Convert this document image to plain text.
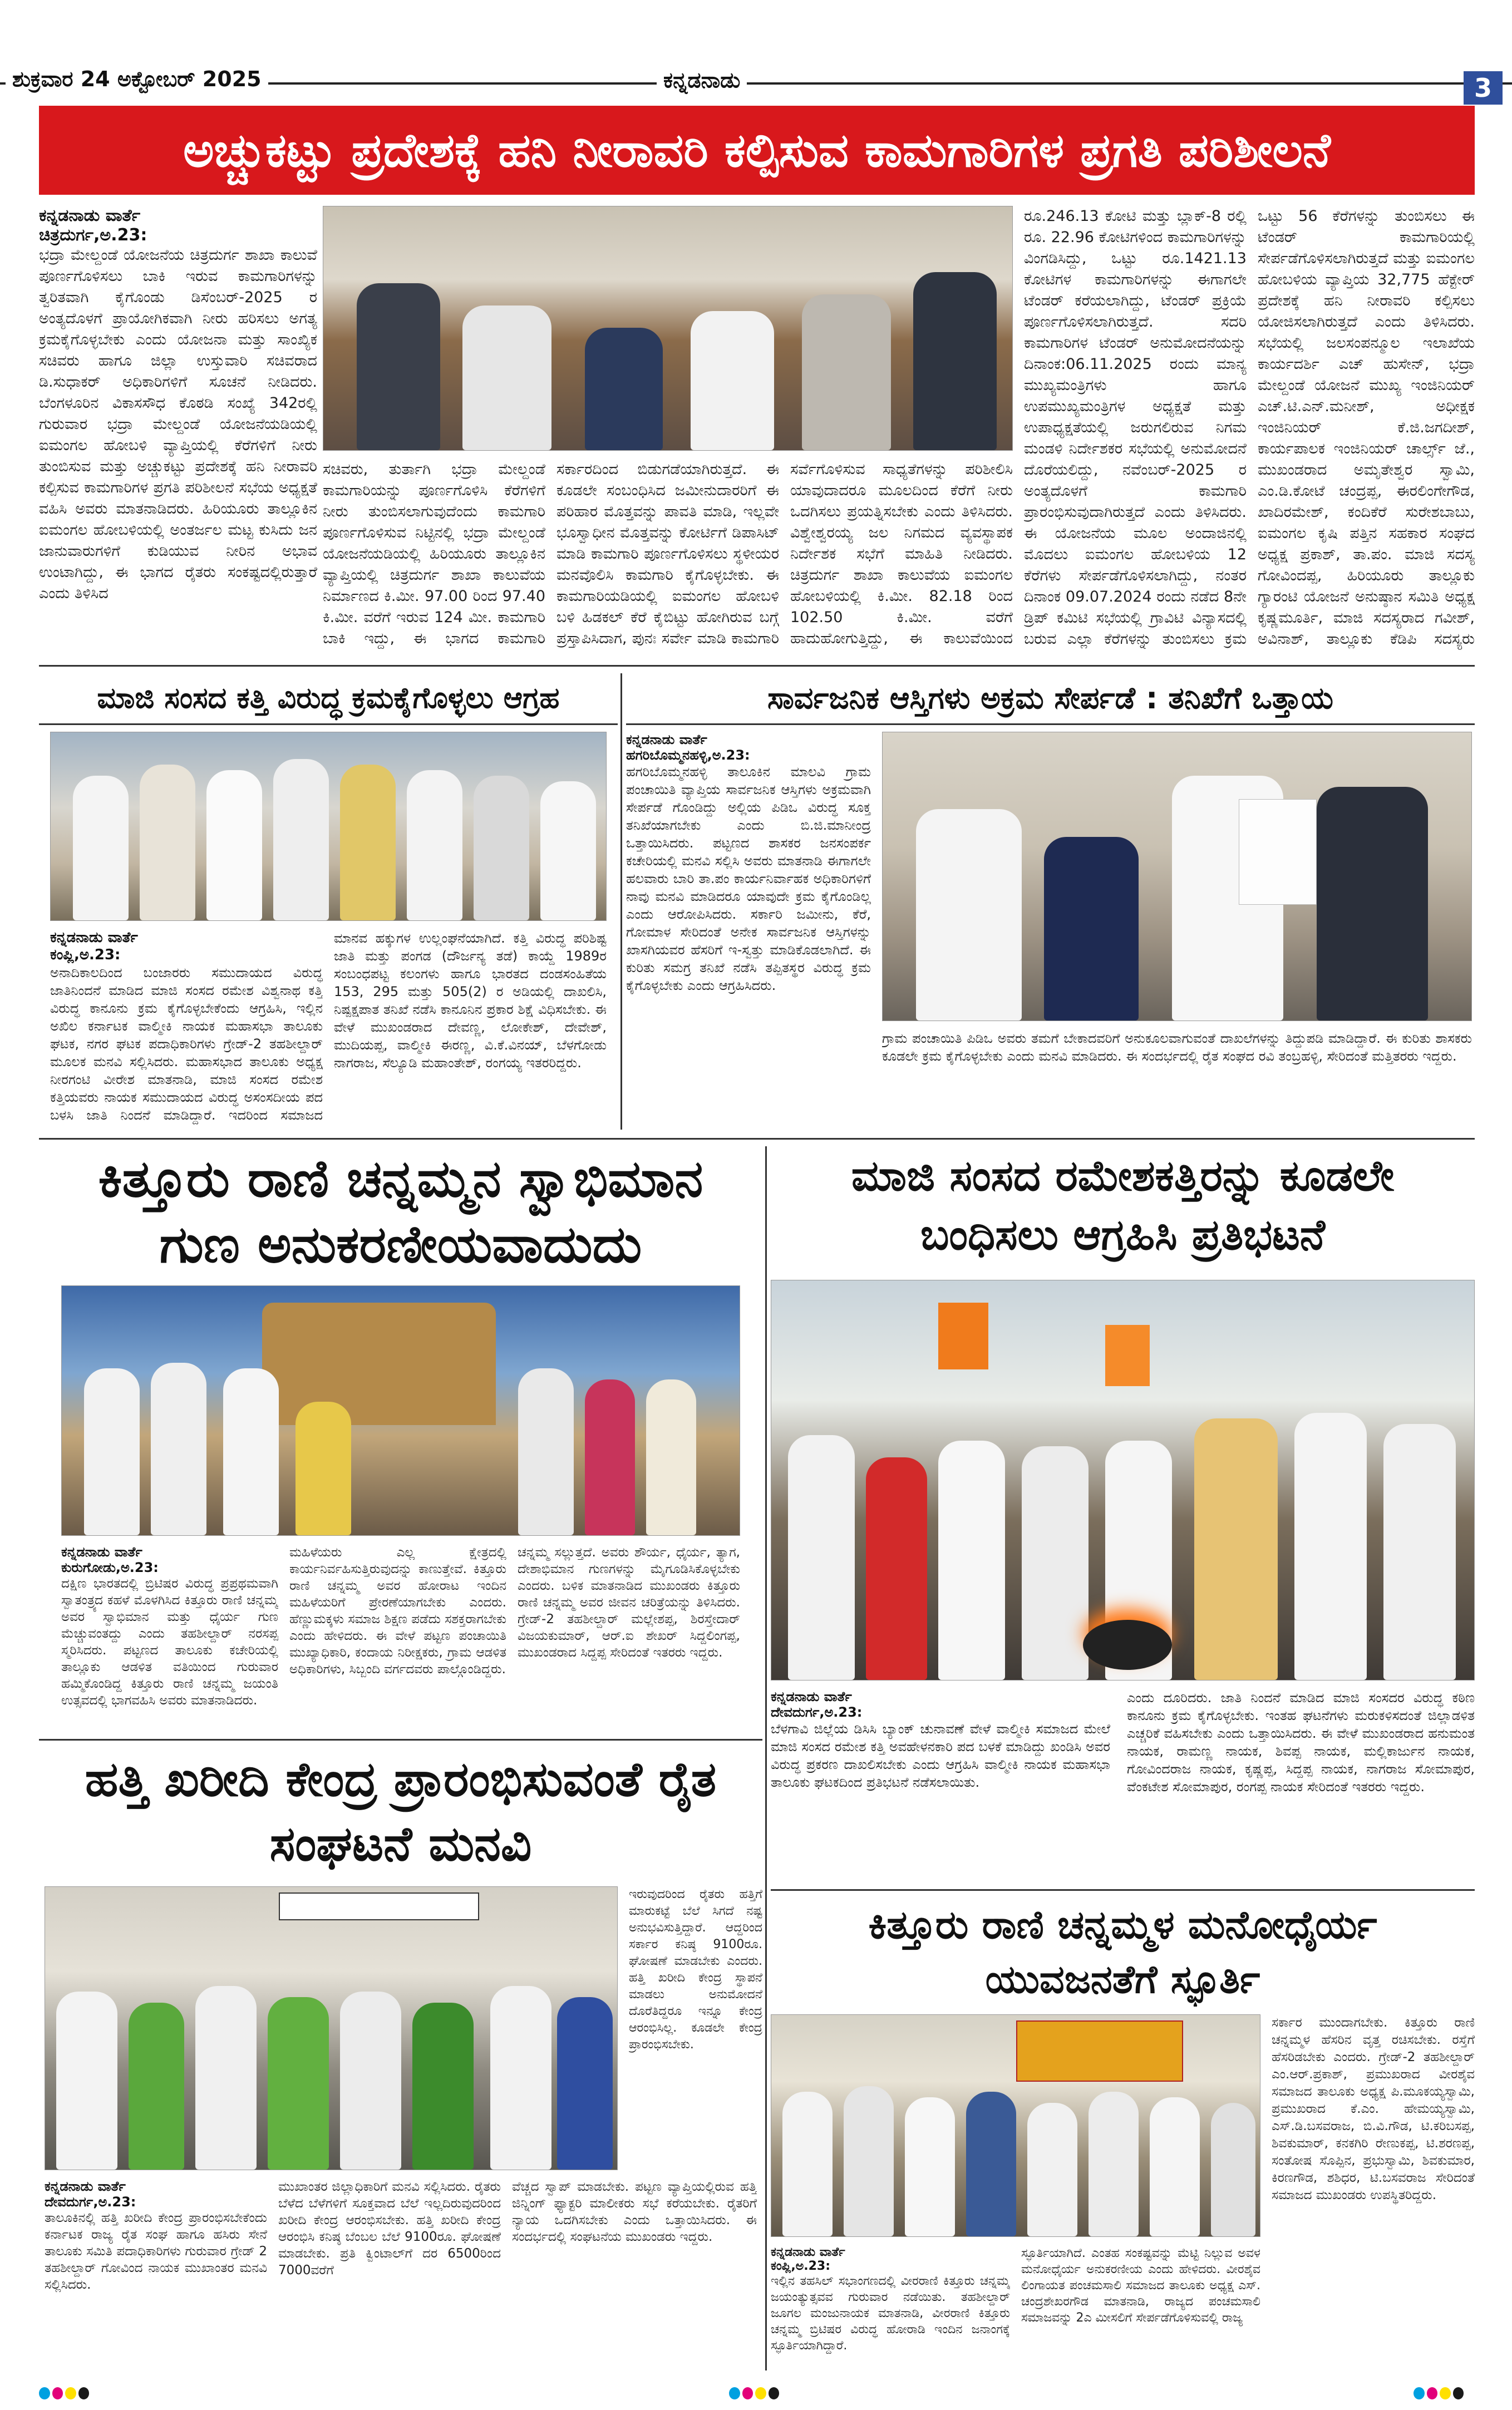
ಶುಕ್ರವಾರ 24 ಅಕ್ಟೋಬರ್ 2025	ಕನ್ನಡನಾಡು	3
ಅಚ್ಚುಕಟ್ಟು ಪ್ರದೇಶಕ್ಕೆ ಹನಿ ನೀರಾವರಿ ಕಲ್ಪಿಸುವ ಕಾಮಗಾರಿಗಳ ಪ್ರಗತಿ ಪರಿಶೀಲನೆ
ಕನ್ನಡನಾಡು ವಾರ್ತೆ
ಚಿತ್ರದುರ್ಗ,ಅ.23:
ಭದ್ರಾ ಮೇಲ್ದಂಡೆ ಯೋಜನೆಯ ಚಿತ್ರದುರ್ಗ ಶಾಖಾ ಕಾಲುವೆ ಪೂರ್ಣಗೊಳಿಸಲು ಬಾಕಿ ಇರುವ ಕಾಮಗಾರಿಗಳನ್ನು ತ್ವರಿತವಾಗಿ ಕೈಗೊಂಡು ಡಿಸೆಂಬರ್-2025 ರ ಅಂತ್ಯದೊಳಗೆ ಪ್ರಾಯೋಗಿಕವಾಗಿ ನೀರು ಹರಿಸಲು ಅಗತ್ಯ ಕ್ರಮಕೈಗೊಳ್ಳಬೇಕು ಎಂದು ಯೋಜನಾ ಮತ್ತು ಸಾಂಖ್ಯಿಕ ಸಚಿವರು ಹಾಗೂ ಜಿಲ್ಲಾ ಉಸ್ತುವಾರಿ ಸಚಿವರಾದ ಡಿ.ಸುಧಾಕರ್ ಅಧಿಕಾರಿಗಳಿಗೆ ಸೂಚನೆ ನೀಡಿದರು. ಬೆಂಗಳೂರಿನ ವಿಕಾಸಸೌಧ ಕೊಠಡಿ ಸಂಖ್ಯೆ 342ರಲ್ಲಿ ಗುರುವಾರ ಭದ್ರಾ ಮೇಲ್ದಂಡೆ ಯೋಜನೆಯಡಿಯಲ್ಲಿ ಐಮಂಗಲ ಹೋಬಳಿ ವ್ಯಾಪ್ತಿಯಲ್ಲಿ ಕೆರೆಗಳಿಗೆ ನೀರು ತುಂಬಿಸುವ ಮತ್ತು ಅಚ್ಚುಕಟ್ಟು ಪ್ರದೇಶಕ್ಕೆ ಹನಿ ನೀರಾವರಿ ಕಲ್ಪಿಸುವ ಕಾಮಗಾರಿಗಳ ಪ್ರಗತಿ ಪರಿಶೀಲನೆ ಸಭೆಯ ಅಧ್ಯಕ್ಷತೆ ವಹಿಸಿ ಅವರು ಮಾತನಾಡಿದರು. ಹಿರಿಯೂರು ತಾಲ್ಲೂಕಿನ ಐಮಂಗಲ ಹೋಬಳಿಯಲ್ಲಿ ಅಂತರ್ಜಲ ಮಟ್ಟ ಕುಸಿದು ಜನ ಜಾನುವಾರುಗಳಿಗೆ ಕುಡಿಯುವ ನೀರಿನ ಅಭಾವ ಉಂಟಾಗಿದ್ದು, ಈ ಭಾಗದ ರೈತರು ಸಂಕಷ್ಟದಲ್ಲಿರುತ್ತಾರೆ ಎಂದು ತಿಳಿಸಿದ
ಸಚಿವರು, ತುರ್ತಾಗಿ ಭದ್ರಾ ಮೇಲ್ದಂಡೆ ಕಾಮಗಾರಿಯನ್ನು ಪೂರ್ಣಗೊಳಿಸಿ ಕೆರೆಗಳಿಗೆ ನೀರು ತುಂಬಿಸಲಾಗುವುದೆಂದು ಕಾಮಗಾರಿ ಪೂರ್ಣಗೊಳಿಸುವ ನಿಟ್ಟಿನಲ್ಲಿ ಭದ್ರಾ ಮೇಲ್ದಂಡೆ ಯೋಜನೆಯಡಿಯಲ್ಲಿ ಹಿರಿಯೂರು ತಾಲ್ಲೂಕಿನ ವ್ಯಾಪ್ತಿಯಲ್ಲಿ ಚಿತ್ರದುರ್ಗ ಶಾಖಾ ಕಾಲುವೆಯ ನಿರ್ಮಾಣದ ಕಿ.ಮೀ. 97.00 ರಿಂದ 97.40 ಕಿ.ಮೀ. ವರೆಗೆ ಇರುವ 124 ಮೀ. ಕಾಮಗಾರಿ ಬಾಕಿ ಇದ್ದು, ಈ ಭಾಗದ ಕಾಮಗಾರಿ
ಸರ್ಕಾರದಿಂದ ಬಿಡುಗಡೆಯಾಗಿರುತ್ತದೆ. ಈ ಕೂಡಲೇ ಸಂಬಂಧಿಸಿದ ಜಮೀನುದಾರರಿಗೆ ಈ ಪರಿಹಾರ ಮೊತ್ತವನ್ನು ಪಾವತಿ ಮಾಡಿ, ಇಲ್ಲವೇ ಭೂಸ್ವಾಧೀನ ಮೊತ್ತವನ್ನು ಕೋರ್ಟಿಗೆ ಡಿಪಾಸಿಟ್ ಮಾಡಿ ಕಾಮಗಾರಿ ಪೂರ್ಣಗೊಳಿಸಲು ಸ್ಥಳೀಯರ ಮನವೊಲಿಸಿ ಕಾಮಗಾರಿ ಕೈಗೊಳ್ಳಬೇಕು. ಈ ಕಾಮಗಾರಿಯಡಿಯಲ್ಲಿ ಐಮಂಗಲ ಹೋಬಳಿ ಬಳಿ ಹಿಡಕಲ್ ಕೆರೆ ಕೈಬಿಟ್ಟು ಹೋಗಿರುವ ಬಗ್ಗೆ ಪ್ರಸ್ತಾಪಿಸಿದಾಗ, ಪುನಃ ಸರ್ವೇ ಮಾಡಿ ಕಾಮಗಾರಿ
ಸರ್ವೆಗೊಳಿಸುವ ಸಾಧ್ಯತೆಗಳನ್ನು ಪರಿಶೀಲಿಸಿ ಯಾವುದಾದರೂ ಮೂಲದಿಂದ ಕೆರೆಗೆ ನೀರು ಒದಗಿಸಲು ಪ್ರಯತ್ನಿಸಬೇಕು ಎಂದು ತಿಳಿಸಿದರು. ವಿಶ್ವೇಶ್ವರಯ್ಯ ಜಲ ನಿಗಮದ ವ್ಯವಸ್ಥಾಪಕ ನಿರ್ದೇಶಕ ಸಭೆಗೆ ಮಾಹಿತಿ ನೀಡಿದರು. ಚಿತ್ರದುರ್ಗ ಶಾಖಾ ಕಾಲುವೆಯ ಐಮಂಗಲ ಹೋಬಳಿಯಲ್ಲಿ ಕಿ.ಮೀ. 82.18 ರಿಂದ 102.50 ಕಿ.ಮೀ. ವರೆಗೆ ಹಾದುಹೋಗುತ್ತಿದ್ದು, ಈ ಕಾಲುವೆಯಿಂದ
ರೂ.246.13 ಕೋಟಿ ಮತ್ತು ಬ್ಲಾಕ್-8 ರಲ್ಲಿ ರೂ. 22.96 ಕೋಟಿಗಳಿಂದ ಕಾಮಗಾರಿಗಳನ್ನು ವಿಂಗಡಿಸಿದ್ದು, ಒಟ್ಟು ರೂ.1421.13 ಕೋಟಿಗಳ ಕಾಮಗಾರಿಗಳನ್ನು ಈಗಾಗಲೇ ಟೆಂಡರ್ ಕರೆಯಲಾಗಿದ್ದು, ಟೆಂಡರ್ ಪ್ರಕ್ರಿಯೆ ಪೂರ್ಣಗೊಳಿಸಲಾಗಿರುತ್ತದೆ. ಸದರಿ ಕಾಮಗಾರಿಗಳ ಟೆಂಡರ್ ಅನುಮೋದನೆಯನ್ನು ದಿನಾಂಕ:06.11.2025 ರಂದು ಮಾನ್ಯ ಮುಖ್ಯಮಂತ್ರಿಗಳು ಹಾಗೂ ಉಪಮುಖ್ಯಮಂತ್ರಿಗಳ ಅಧ್ಯಕ್ಷತೆ ಮತ್ತು ಉಪಾಧ್ಯಕ್ಷತೆಯಲ್ಲಿ ಜರುಗಲಿರುವ ನಿಗಮ ಮಂಡಳಿ ನಿರ್ದೇಶಕರ ಸಭೆಯಲ್ಲಿ ಅನುಮೋದನೆ ದೊರೆಯಲಿದ್ದು, ನವೆಂಬರ್-2025 ರ ಅಂತ್ಯದೊಳಗೆ ಕಾಮಗಾರಿ ಪ್ರಾರಂಭಿಸುವುದಾಗಿರುತ್ತದೆ ಎಂದು ತಿಳಿಸಿದರು. ಈ ಯೋಜನೆಯ ಮೂಲ ಅಂದಾಜಿನಲ್ಲಿ ಮೊದಲು ಐಮಂಗಲ ಹೋಬಳಿಯ 12 ಕೆರೆಗಳು ಸೇರ್ಪಡೆಗೊಳಿಸಲಾಗಿದ್ದು, ನಂತರ ದಿನಾಂಕ 09.07.2024 ರಂದು ನಡೆದ 8ನೇ ಡ್ರಿಪ್ ಕಮಿಟಿ ಸಭೆಯಲ್ಲಿ ಗ್ರಾವಿಟಿ ವಿನ್ಯಾಸದಲ್ಲಿ ಬರುವ ಎಲ್ಲಾ ಕೆರೆಗಳನ್ನು ತುಂಬಿಸಲು ಕ್ರಮ
ಒಟ್ಟು 56 ಕೆರೆಗಳನ್ನು ತುಂಬಿಸಲು ಈ ಟೆಂಡರ್ ಕಾಮಗಾರಿಯಲ್ಲಿ ಸೇರ್ಪಡೆಗೊಳಿಸಲಾಗಿರುತ್ತದೆ ಮತ್ತು ಐಮಂಗಲ ಹೋಬಳಿಯ ವ್ಯಾಪ್ತಿಯ 32,775 ಹೆಕ್ಟೇರ್ ಪ್ರದೇಶಕ್ಕೆ ಹನಿ ನೀರಾವರಿ ಕಲ್ಪಿಸಲು ಯೋಜಿಸಲಾಗಿರುತ್ತದೆ ಎಂದು ತಿಳಿಸಿದರು. ಸಭೆಯಲ್ಲಿ ಜಲಸಂಪನ್ಮೂಲ ಇಲಾಖೆಯ ಕಾರ್ಯದರ್ಶಿ ಎಚ್ ಹುಸೇನ್, ಭದ್ರಾ ಮೇಲ್ದಂಡೆ ಯೋಜನೆ ಮುಖ್ಯ ಇಂಜಿನಿಯರ್ ಎಚ್.ಟಿ.ಎನ್.ಮನೀಶ್, ಅಧೀಕ್ಷಕ ಇಂಜಿನಿಯರ್ ಕೆ.ಜಿ.ಜಗದೀಶ್, ಕಾರ್ಯಪಾಲಕ ಇಂಜಿನಿಯರ್ ಚಾರ್ಲ್ಸ್ ಜೆ., ಮುಖಂಡರಾದ ಅಮೃತೇಶ್ವರ ಸ್ವಾಮಿ, ಎಂ.ಡಿ.ಕೋಟೆ ಚಂದ್ರಪ್ಪ, ಈರಲಿಂಗೇಗೌಡ, ಖಾದಿರಮೇಶ್, ಕಂದಿಕೆರೆ ಸುರೇಶಬಾಬು, ಐಮಂಗಲ ಕೃಷಿ ಪತ್ತಿನ ಸಹಕಾರ ಸಂಘದ ಅಧ್ಯಕ್ಷ ಪ್ರಕಾಶ್, ತಾ.ಪಂ. ಮಾಜಿ ಸದಸ್ಯ ಗೋವಿಂದಪ್ಪ, ಹಿರಿಯೂರು ತಾಲ್ಲೂಕು ಗ್ಯಾರಂಟಿ ಯೋಜನೆ ಅನುಷ್ಠಾನ ಸಮಿತಿ ಅಧ್ಯಕ್ಷ ಕೃಷ್ಣಮೂರ್ತಿ, ಮಾಜಿ ಸದಸ್ಯರಾದ ಗವೀಶ್, ಅವಿನಾಶ್, ತಾಲ್ಲೂಕು ಕೆಡಿಪಿ ಸದಸ್ಯರು
ಮಾಜಿ ಸಂಸದ ಕತ್ತಿ ವಿರುದ್ಧ ಕ್ರಮಕೈಗೊಳ್ಳಲು ಆಗ್ರಹ
ಕನ್ನಡನಾಡು ವಾರ್ತೆ
ಕಂಪ್ಲಿ,ಅ.23:
ಅನಾದಿಕಾಲದಿಂದ ಬಂಜಾರರು ಸಮುದಾಯದ ವಿರುದ್ಧ ಜಾತಿನಿಂದನೆ ಮಾಡಿದ ಮಾಜಿ ಸಂಸದ ರಮೇಶ ವಿಶ್ವನಾಥ ಕತ್ತಿ ವಿರುದ್ಧ ಕಾನೂನು ಕ್ರಮ ಕೈಗೊಳ್ಳಬೇಕೆಂದು ಆಗ್ರಹಿಸಿ, ಇಲ್ಲಿನ ಅಖಿಲ ಕರ್ನಾಟಕ ವಾಲ್ಮೀಕಿ ನಾಯಕ ಮಹಾಸಭಾ ತಾಲೂಕು ಘಟಕ, ನಗರ ಘಟಕ ಪದಾಧಿಕಾರಿಗಳು ಗ್ರೇಡ್-2 ತಹಶೀಲ್ದಾರ್ ಮೂಲಕ ಮನವಿ ಸಲ್ಲಿಸಿದರು. ಮಹಾಸಭಾದ ತಾಲೂಕು ಅಧ್ಯಕ್ಷ ನೀರಗಂಟಿ ವೀರೇಶ ಮಾತನಾಡಿ, ಮಾಜಿ ಸಂಸದ ರಮೇಶ ಕತ್ತಿಯವರು ನಾಯಕ ಸಮುದಾಯದ ವಿರುದ್ಧ ಅಸಂಸದೀಯ ಪದ ಬಳಸಿ ಜಾತಿ ನಿಂದನೆ ಮಾಡಿದ್ದಾರೆ. ಇದರಿಂದ ಸಮಾಜದ
ಮಾನವ ಹಕ್ಕುಗಳ ಉಲ್ಲಂಘನೆಯಾಗಿದೆ. ಕತ್ತಿ ವಿರುದ್ಧ ಪರಿಶಿಷ್ಟ ಜಾತಿ ಮತ್ತು ಪಂಗಡ (ದೌರ್ಜನ್ಯ ತಡೆ) ಕಾಯ್ದೆ 1989ರ ಸಂಬಂಧಪಟ್ಟ ಕಲಂಗಳು ಹಾಗೂ ಭಾರತದ ದಂಡಸಂಹಿತೆಯ 153, 295 ಮತ್ತು 505(2) ರ ಅಡಿಯಲ್ಲಿ ದಾಖಲಿಸಿ, ನಿಷ್ಪಕ್ಷಪಾತ ತನಿಖೆ ನಡೆಸಿ ಕಾನೂನಿನ ಪ್ರಕಾರ ಶಿಕ್ಷೆ ವಿಧಿಸಬೇಕು. ಈ ವೇಳೆ ಮುಖಂಡರಾದ ದೇವಣ್ಣ, ಲೋಕೇಶ್, ದೇವೇಶ್, ಮುದಿಯಪ್ಪ, ವಾಲ್ಮೀಕಿ ಈರಣ್ಣ, ವಿ.ಕೆ.ವಿನಯ್, ಬೆಳಗೋಡು ನಾಗರಾಜ, ಸೆಲ್ಯೂಡಿ ಮಹಾಂತೇಶ್, ರಂಗಯ್ಯ ಇತರರಿದ್ದರು.
ಸಾರ್ವಜನಿಕ ಆಸ್ತಿಗಳು ಅಕ್ರಮ ಸೇರ್ಪಡೆ : ತನಿಖೆಗೆ ಒತ್ತಾಯ
ಕನ್ನಡನಾಡು ವಾರ್ತೆ
ಹಗರಿಬೊಮ್ಮನಹಳ್ಳಿ,ಅ.23:
ಹಗರಿಬೊಮ್ಮನಹಳ್ಳಿ ತಾಲೂಕಿನ ಮಾಲವಿ ಗ್ರಾಮ ಪಂಚಾಯಿತಿ ವ್ಯಾಪ್ತಿಯ ಸಾರ್ವಜನಿಕ ಆಸ್ತಿಗಳು ಅಕ್ರಮವಾಗಿ ಸೇರ್ಪಡೆ ಗೊಂಡಿದ್ದು ಅಲ್ಲಿಯ ಪಿಡಿಒ ವಿರುದ್ಧ ಸೂಕ್ತ ತನಿಖೆಯಾಗಬೇಕು ಎಂದು ಬಿ.ಜಿ.ಮಾನೀಂದ್ರ ಒತ್ತಾಯಿಸಿದರು. ಪಟ್ಟಣದ ಶಾಸಕರ ಜನಸಂಪರ್ಕ ಕಚೇರಿಯಲ್ಲಿ ಮನವಿ ಸಲ್ಲಿಸಿ ಅವರು ಮಾತನಾಡಿ ಈಗಾಗಲೇ ಹಲವಾರು ಬಾರಿ ತಾ.ಪಂ ಕಾರ್ಯನಿರ್ವಾಹಕ ಅಧಿಕಾರಿಗಳಿಗೆ ನಾವು ಮನವಿ ಮಾಡಿದರೂ ಯಾವುದೇ ಕ್ರಮ ಕೈಗೊಂಡಿಲ್ಲ ಎಂದು ಆರೋಪಿಸಿದರು. ಸರ್ಕಾರಿ ಜಮೀನು, ಕೆರೆ, ಗೋಮಾಳ ಸೇರಿದಂತೆ ಅನೇಕ ಸಾರ್ವಜನಿಕ ಆಸ್ತಿಗಳನ್ನು ಖಾಸಗಿಯವರ ಹೆಸರಿಗೆ ಇ-ಸ್ವತ್ತು ಮಾಡಿಕೊಡಲಾಗಿದೆ. ಈ ಕುರಿತು ಸಮಗ್ರ ತನಿಖೆ ನಡೆಸಿ ತಪ್ಪಿತಸ್ಥರ ವಿರುದ್ಧ ಕ್ರಮ ಕೈಗೊಳ್ಳಬೇಕು ಎಂದು ಆಗ್ರಹಿಸಿದರು.
ಗ್ರಾಮ ಪಂಚಾಯಿತಿ ಪಿಡಿಒ ಅವರು ತಮಗೆ ಬೇಕಾದವರಿಗೆ ಅನುಕೂಲವಾಗುವಂತೆ ದಾಖಲೆಗಳನ್ನು ತಿದ್ದುಪಡಿ ಮಾಡಿದ್ದಾರೆ. ಈ ಕುರಿತು ಶಾಸಕರು ಕೂಡಲೇ ಕ್ರಮ ಕೈಗೊಳ್ಳಬೇಕು ಎಂದು ಮನವಿ ಮಾಡಿದರು. ಈ ಸಂದರ್ಭದಲ್ಲಿ ರೈತ ಸಂಘದ ರವಿ ತಂಬ್ರಹಳ್ಳಿ, ಸೇರಿದಂತೆ ಮತ್ತಿತರರು ಇದ್ದರು.
ಕಿತ್ತೂರು ರಾಣಿ ಚನ್ನಮ್ಮನ ಸ್ವಾಭಿಮಾನ ಗುಣ ಅನುಕರಣೀಯವಾದುದು
ಕನ್ನಡನಾಡು ವಾರ್ತೆ
ಕುರುಗೋಡು,ಅ.23:
ದಕ್ಷಿಣ ಭಾರತದಲ್ಲಿ ಬ್ರಿಟಿಷರ ವಿರುದ್ಧ ಪ್ರಪ್ರಥಮವಾಗಿ ಸ್ವಾತಂತ್ರ್ಯದ ಕಹಳೆ ಮೊಳಗಿಸಿದ ಕಿತ್ತೂರು ರಾಣಿ ಚನ್ನಮ್ಮ ಅವರ ಸ್ವಾಭಿಮಾನ ಮತ್ತು ಧೈರ್ಯ ಗುಣ ಮೆಚ್ಚುವಂತದ್ದು ಎಂದು ತಹಶೀಲ್ದಾರ್ ನರಸಪ್ಪ ಸ್ಮರಿಸಿದರು. ಪಟ್ಟಣದ ತಾಲೂಕು ಕಚೇರಿಯಲ್ಲಿ ತಾಲ್ಲೂಕು ಆಡಳಿತ ವತಿಯಿಂದ ಗುರುವಾರ ಹಮ್ಮಿಕೊಂಡಿದ್ದ ಕಿತ್ತೂರು ರಾಣಿ ಚನ್ನಮ್ಮ ಜಯಂತಿ ಉತ್ಸವದಲ್ಲಿ ಭಾಗವಹಿಸಿ ಅವರು ಮಾತನಾಡಿದರು.
ಮಹಿಳೆಯರು ಎಲ್ಲ ಕ್ಷೇತ್ರದಲ್ಲಿ ಕಾರ್ಯನಿರ್ವಹಿಸುತ್ತಿರುವುದನ್ನು ಕಾಣುತ್ತೇವೆ. ಕಿತ್ತೂರು ರಾಣಿ ಚನ್ನಮ್ಮ ಅವರ ಹೋರಾಟ ಇಂದಿನ ಮಹಿಳೆಯರಿಗೆ ಪ್ರೇರಣೆಯಾಗಬೇಕು ಎಂದರು. ಹೆಣ್ಣುಮಕ್ಕಳು ಸಮಾಜ ಶಿಕ್ಷಣ ಪಡೆದು ಸಶಕ್ತರಾಗಬೇಕು ಎಂದು ಹೇಳಿದರು. ಈ ವೇಳೆ ಪಟ್ಟಣ ಪಂಚಾಯಿತಿ ಮುಖ್ಯಾಧಿಕಾರಿ, ಕಂದಾಯ ನಿರೀಕ್ಷಕರು, ಗ್ರಾಮ ಆಡಳಿತ ಅಧಿಕಾರಿಗಳು, ಸಿಬ್ಬಂದಿ ವರ್ಗದವರು ಪಾಲ್ಗೊಂಡಿದ್ದರು.
ಚನ್ನಮ್ಮ ಸಲ್ಲುತ್ತದೆ. ಅವರು ಶೌರ್ಯ, ಧೈರ್ಯ, ತ್ಯಾಗ, ದೇಶಾಭಿಮಾನ ಗುಣಗಳನ್ನು ಮೈಗೂಡಿಸಿಕೊಳ್ಳಬೇಕು ಎಂದರು. ಬಳಿಕ ಮಾತನಾಡಿದ ಮುಖಂಡರು ಕಿತ್ತೂರು ರಾಣಿ ಚನ್ನಮ್ಮ ಅವರ ಜೀವನ ಚರಿತ್ರೆಯನ್ನು ತಿಳಿಸಿದರು. ಗ್ರೇಡ್-2 ತಹಶೀಲ್ದಾರ್ ಮಲ್ಲೇಶಪ್ಪ, ಶಿರಸ್ತೇದಾರ್ ವಿಜಯಕುಮಾರ್, ಆರ್.ಐ ಶೇಖರ್ ಸಿದ್ದಲಿಂಗಪ್ಪ, ಮುಖಂಡರಾದ ಸಿದ್ದಪ್ಪ ಸೇರಿದಂತೆ ಇತರರು ಇದ್ದರು.
ಮಾಜಿ ಸಂಸದ ರಮೇಶಕತ್ತಿರನ್ನು ಕೂಡಲೇ ಬಂಧಿಸಲು ಆಗ್ರಹಿಸಿ ಪ್ರತಿಭಟನೆ
ಕನ್ನಡನಾಡು ವಾರ್ತೆ
ದೇವದುರ್ಗ,ಅ.23:
ಬೆಳಗಾವಿ ಜಿಲ್ಲೆಯ ಡಿಸಿಸಿ ಬ್ಯಾಂಕ್ ಚುನಾವಣೆ ವೇಳೆ ವಾಲ್ಮೀಕಿ ಸಮಾಜದ ಮೇಲೆ ಮಾಜಿ ಸಂಸದ ರಮೇಶ ಕತ್ತಿ ಅವಹೇಳನಕಾರಿ ಪದ ಬಳಕೆ ಮಾಡಿದ್ದು ಖಂಡಿಸಿ ಅವರ ವಿರುದ್ಧ ಪ್ರಕರಣ ದಾಖಲಿಸಬೇಕು ಎಂದು ಆಗ್ರಹಿಸಿ ವಾಲ್ಮೀಕಿ ನಾಯಕ ಮಹಾಸಭಾ ತಾಲೂಕು ಘಟಕದಿಂದ ಪ್ರತಿಭಟನೆ ನಡೆಸಲಾಯಿತು.
ಎಂದು ದೂರಿದರು. ಜಾತಿ ನಿಂದನೆ ಮಾಡಿದ ಮಾಜಿ ಸಂಸದರ ವಿರುದ್ಧ ಕಠಿಣ ಕಾನೂನು ಕ್ರಮ ಕೈಗೊಳ್ಳಬೇಕು. ಇಂತಹ ಘಟನೆಗಳು ಮರುಕಳಿಸದಂತೆ ಜಿಲ್ಲಾಡಳಿತ ಎಚ್ಚರಿಕೆ ವಹಿಸಬೇಕು ಎಂದು ಒತ್ತಾಯಿಸಿದರು. ಈ ವೇಳೆ ಮುಖಂಡರಾದ ಹನುಮಂತ ನಾಯಕ, ರಾಮಣ್ಣ ನಾಯಕ, ಶಿವಪ್ಪ ನಾಯಕ, ಮಲ್ಲಿಕಾರ್ಜುನ ನಾಯಕ, ಗೋವಿಂದರಾಜ ನಾಯಕ, ಕೃಷ್ಣಪ್ಪ, ಸಿದ್ದಪ್ಪ ನಾಯಕ, ನಾಗರಾಜ ಸೋಮಾಪುರ, ವೆಂಕಟೇಶ ಸೋಮಾಪುರ, ರಂಗಪ್ಪ ನಾಯಕ ಸೇರಿದಂತೆ ಇತರರು ಇದ್ದರು.
ಹತ್ತಿ ಖರೀದಿ ಕೇಂದ್ರ ಪ್ರಾರಂಭಿಸುವಂತೆ ರೈತ ಸಂಘಟನೆ ಮನವಿ
ಇರುವುದರಿಂದ ರೈತರು ಹತ್ತಿಗೆ ಮಾರುಕಟ್ಟೆ ಬೆಲೆ ಸಿಗದೆ ನಷ್ಟ ಅನುಭವಿಸುತ್ತಿದ್ದಾರೆ. ಆದ್ದರಿಂದ ಸರ್ಕಾರ ಕನಿಷ್ಠ 9100ರೂ. ಘೋಷಣೆ ಮಾಡಬೇಕು ಎಂದರು. ಹತ್ತಿ ಖರೀದಿ ಕೇಂದ್ರ ಸ್ಥಾಪನೆ ಮಾಡಲು ಅನುಮೋದನೆ ದೊರೆತಿದ್ದರೂ ಇನ್ನೂ ಕೇಂದ್ರ ಆರಂಭಿಸಿಲ್ಲ. ಕೂಡಲೇ ಕೇಂದ್ರ ಪ್ರಾರಂಭಿಸಬೇಕು.
ಕನ್ನಡನಾಡು ವಾರ್ತೆ
ದೇವದುರ್ಗ,ಅ.23:
ತಾಲೂಕಿನಲ್ಲಿ ಹತ್ತಿ ಖರೀದಿ ಕೇಂದ್ರ ಪ್ರಾರಂಭಿಸಬೇಕೆಂದು ಕರ್ನಾಟಕ ರಾಜ್ಯ ರೈತ ಸಂಘ ಹಾಗೂ ಹಸಿರು ಸೇನೆ ತಾಲೂಕು ಸಮಿತಿ ಪದಾಧಿಕಾರಿಗಳು ಗುರುವಾರ ಗ್ರೇಡ್ 2 ತಹಶೀಲ್ದಾರ್ ಗೋವಿಂದ ನಾಯಕ ಮುಖಾಂತರ ಮನವಿ ಸಲ್ಲಿಸಿದರು.
ಮುಖಾಂತರ ಜಿಲ್ಲಾಧಿಕಾರಿಗೆ ಮನವಿ ಸಲ್ಲಿಸಿದರು. ರೈತರು ಬೆಳೆದ ಬೆಳೆಗಳಿಗೆ ಸೂಕ್ತವಾದ ಬೆಲೆ ಇಲ್ಲದಿರುವುದರಿಂದ ಖರೀದಿ ಕೇಂದ್ರ ಆರಂಭಿಸಬೇಕು. ಹತ್ತಿ ಖರೀದಿ ಕೇಂದ್ರ ಆರಂಭಿಸಿ ಕನಿಷ್ಠ ಬೆಂಬಲ ಬೆಲೆ 9100ರೂ. ಘೋಷಣೆ ಮಾಡಬೇಕು. ಪ್ರತಿ ಕ್ವಿಂಟಾಲ್‌ಗೆ ದರ 6500ರಿಂದ 7000ವರೆಗೆ
ವೆಚ್ಚದ ಸ್ವಾಪ್ ಮಾಡಬೇಕು. ಪಟ್ಟಣ ವ್ಯಾಪ್ತಿಯಲ್ಲಿರುವ ಹತ್ತಿ ಜಿನ್ನಿಂಗ್ ಫ್ಯಾಕ್ಟರಿ ಮಾಲೀಕರು ಸಭೆ ಕರೆಯಬೇಕು. ರೈತರಿಗೆ ನ್ಯಾಯ ಒದಗಿಸಬೇಕು ಎಂದು ಒತ್ತಾಯಿಸಿದರು. ಈ ಸಂದರ್ಭದಲ್ಲಿ ಸಂಘಟನೆಯ ಮುಖಂಡರು ಇದ್ದರು.
ಕಿತ್ತೂರು ರಾಣಿ ಚನ್ನಮ್ಮಳ ಮನೋಧೈರ್ಯ ಯುವಜನತೆಗೆ ಸ್ಫೂರ್ತಿ
ಸರ್ಕಾರ ಮುಂದಾಗಬೇಕು. ಕಿತ್ತೂರು ರಾಣಿ ಚನ್ನಮ್ಮಳ ಹೆಸರಿನ ವೃತ್ತ ರಚಿಸಬೇಕು. ರಸ್ತೆಗೆ ಹೆಸರಿಡಬೇಕು ಎಂದರು. ಗ್ರೇಡ್-2 ತಹಶೀಲ್ದಾರ್ ಎಂ.ಆರ್.ಪ್ರಕಾಶ್, ಪ್ರಮುಖರಾದ ವೀರಶೈವ ಸಮಾಜದ ತಾಲೂಕು ಅಧ್ಯಕ್ಷ ಪಿ.ಮೂಕಯ್ಯಸ್ವಾಮಿ, ಪ್ರಮುಖರಾದ ಕೆ.ಎಂ. ಹೇಮಯ್ಯಸ್ವಾಮಿ, ಎಸ್.ಡಿ.ಬಸವರಾಜ, ಬಿ.ವಿ.ಗೌಡ, ಟಿ.ಕರಿಬಸಪ್ಪ, ಶಿವಕುಮಾರ್, ಕನಕಗಿರಿ ರೇಣುಕಪ್ಪ, ಟಿ.ಶರಣಪ್ಪ, ಸಂತೋಷ ಸೊಪ್ಪಿನ, ಪ್ರಭುಸ್ವಾಮಿ, ಶಿವಕುಮಾರ, ಕಿರಣಗೌಡ, ಶಶಿಧರ, ಟಿ.ಬಸವರಾಜ ಸೇರಿದಂತೆ ಸಮಾಜದ ಮುಖಂಡರು ಉಪಸ್ಥಿತರಿದ್ದರು.
ಕನ್ನಡನಾಡು ವಾರ್ತೆ
ಕಂಪ್ಲಿ,ಅ.23:
ಇಲ್ಲಿನ ತಹಸಿಲ್ ಸಭಾಂಗಣದಲ್ಲಿ ವೀರರಾಣಿ ಕಿತ್ತೂರು ಚನ್ನಮ್ಮ ಜಯಂತ್ಯುತ್ಸವವ ಗುರುವಾರ ನಡೆಯಿತು. ತಹಶೀಲ್ದಾರ್ ಜೂಗಲ ಮಂಜುನಾಯಕ ಮಾತನಾಡಿ, ವೀರರಾಣಿ ಕಿತ್ತೂರು ಚನ್ನಮ್ಮ ಬ್ರಿಟಿಷರ ವಿರುದ್ಧ ಹೋರಾಡಿ ಇಂದಿನ ಜನಾಂಗಕ್ಕೆ ಸ್ಫೂರ್ತಿಯಾಗಿದ್ದಾರೆ.
ಸ್ಫೂರ್ತಿಯಾಗಿದೆ. ಎಂತಹ ಸಂಕಷ್ಟವನ್ನು ಮೆಟ್ಟಿ ನಿಲ್ಲುವ ಅವಳ ಮನೋಧೈರ್ಯ ಅನುಕರಣೀಯ ಎಂದು ಹೇಳಿದರು. ವೀರಶೈವ ಲಿಂಗಾಯತ ಪಂಚಮಸಾಲಿ ಸಮಾಜದ ತಾಲೂಕು ಅಧ್ಯಕ್ಷ ಎಸ್. ಚಂದ್ರಶೇಖರಗೌಡ ಮಾತನಾಡಿ, ರಾಜ್ಯದ ಪಂಚಮಸಾಲಿ ಸಮಾಜವನ್ನು 2ಎ ಮೀಸಲಿಗೆ ಸೇರ್ಪಡೆಗೊಳಿಸುವಲ್ಲಿ ರಾಜ್ಯ
